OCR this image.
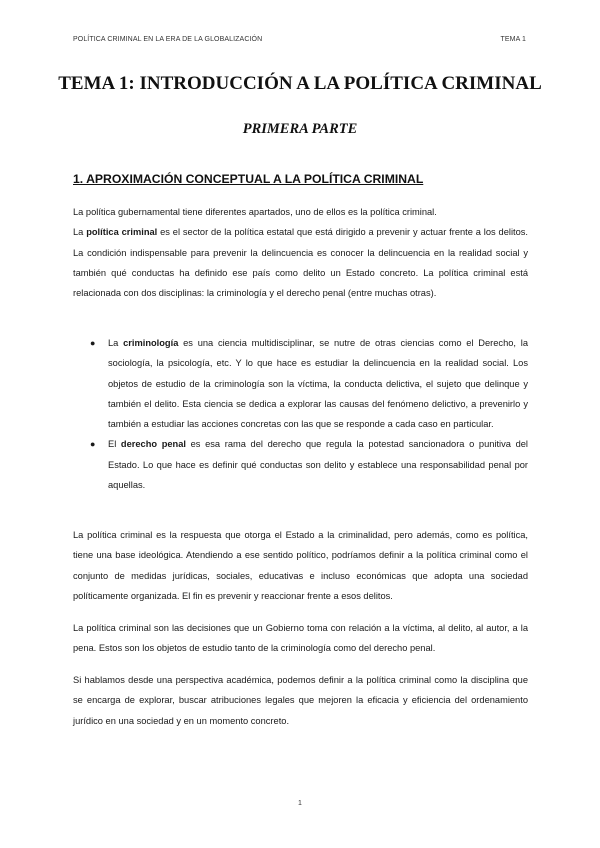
POLÍTICA CRIMINAL EN LA ERA DE LA GLOBALIZACIÓN	TEMA 1
TEMA 1: INTRODUCCIÓN A LA POLÍTICA CRIMINAL
PRIMERA PARTE
1. APROXIMACIÓN CONCEPTUAL A LA POLÍTICA CRIMINAL

La política gubernamental tiene diferentes apartados, uno de ellos es la política criminal.

La política criminal es el sector de la política estatal que está dirigido a prevenir y actuar frente a los delitos. La condición indispensable para prevenir la delincuencia es conocer la delincuencia en la realidad social y también qué conductas ha definido ese país como delito un Estado concreto. La política criminal está relacionada con dos disciplinas: la criminología y el derecho penal (entre muchas otras).

● La criminología es una ciencia multidisciplinar, se nutre de otras ciencias como el Derecho, la sociología, la psicología, etc. Y lo que hace es estudiar la delincuencia en la realidad social. Los objetos de estudio de la criminología son la víctima, la conducta delictiva, el sujeto que delinque y también el delito. Esta ciencia se dedica a explorar las causas del fenómeno delictivo, a prevenirlo y también a estudiar las acciones concretas con las que se responde a cada caso en particular.
● El derecho penal es esa rama del derecho que regula la potestad sancionadora o punitiva del Estado. Lo que hace es definir qué conductas son delito y establece una responsabilidad penal por aquellas.

La política criminal es la respuesta que otorga el Estado a la criminalidad, pero además, como es política, tiene una base ideológica. Atendiendo a ese sentido político, podríamos definir a la política criminal como el conjunto de medidas jurídicas, sociales, educativas e incluso económicas que adopta una sociedad políticamente organizada. El fin es prevenir y reaccionar frente a esos delitos.

La política criminal son las decisiones que un Gobierno toma con relación a la víctima, al delito, al autor, a la pena. Estos son los objetos de estudio tanto de la criminología como del derecho penal.

Si hablamos desde una perspectiva académica, podemos definir a la política criminal como la disciplina que se encarga de explorar, buscar atribuciones legales que mejoren la eficacia y eficiencia del ordenamiento jurídico en una sociedad y en un momento concreto.

1
